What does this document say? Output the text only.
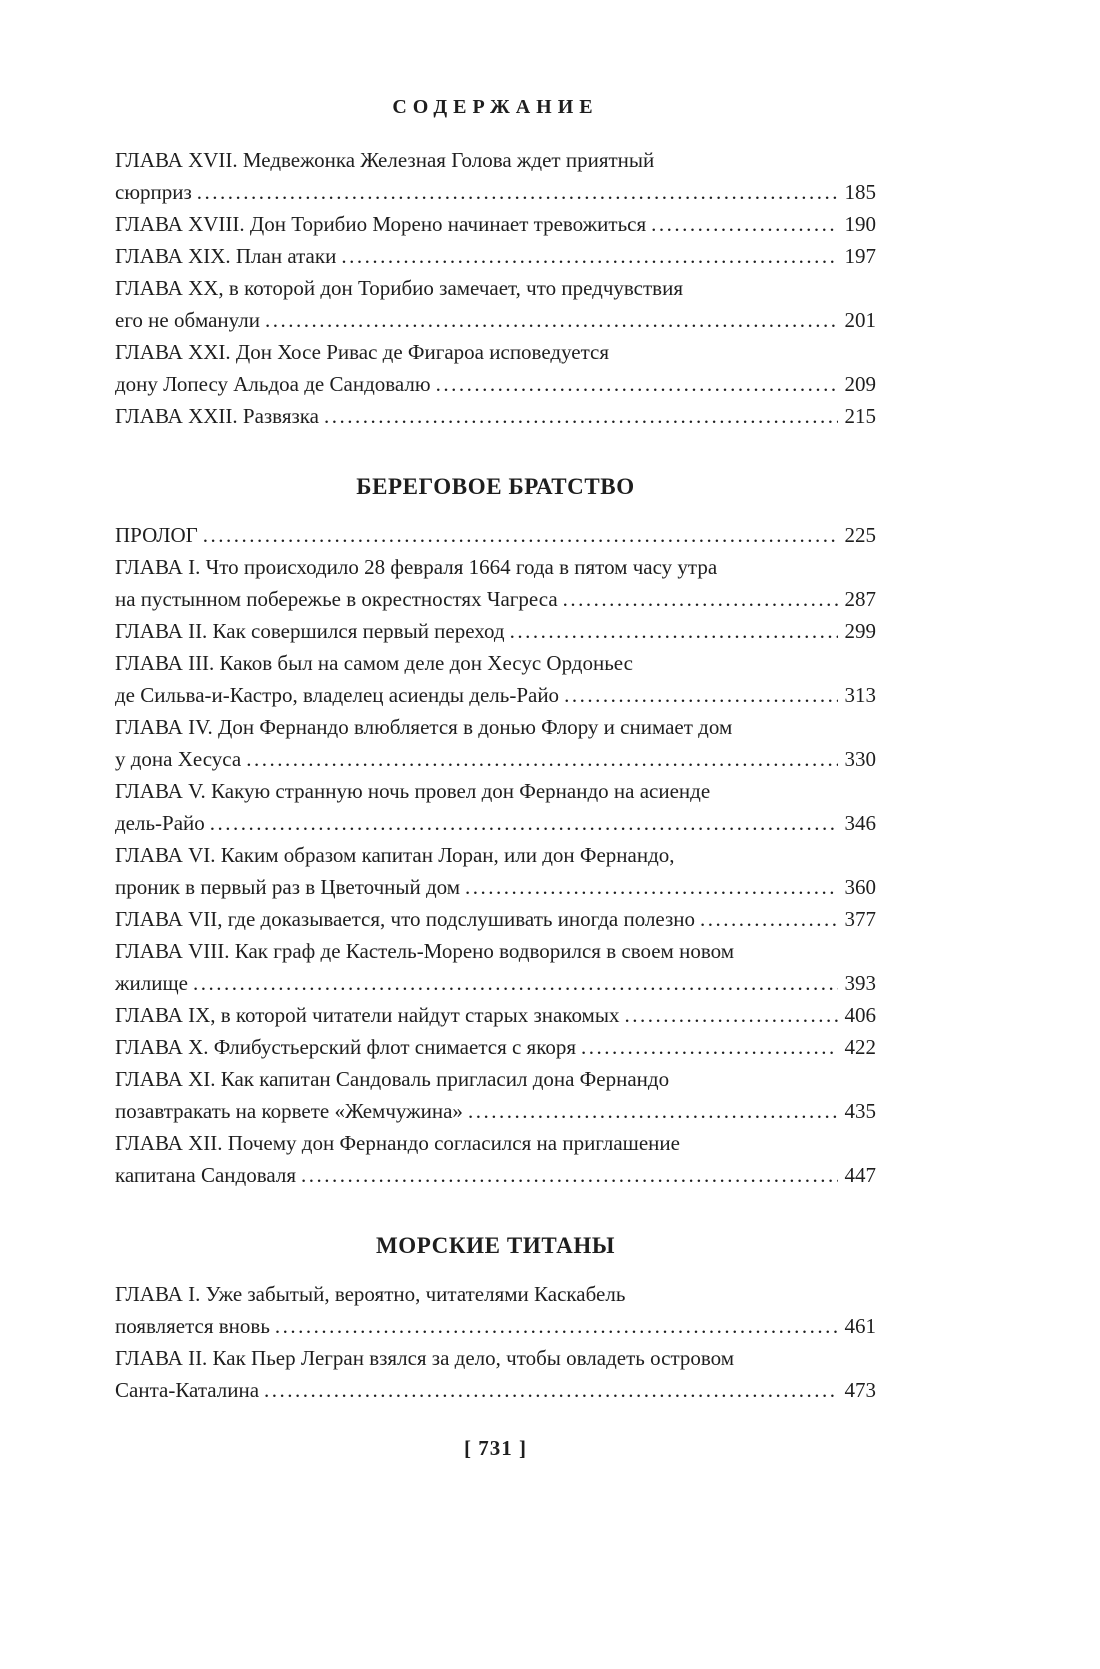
СОДЕРЖАНИЕ
ГЛАВА XVII. Медвежонка Железная Голова ждет приятный
сюрприз .....	185
ГЛАВА XVIII. Дон Торибио Морено начинает тревожиться .....	190
ГЛАВА XIX. План атаки .....	197
ГЛАВА XX, в которой дон Торибио замечает, что предчувствия
его не обманули .....	201
ГЛАВА XXI. Дон Хосе Ривас де Фигароа исповедуется
дону Лопесу Альдоа де Сандовалю .....	209
ГЛАВА XXII. Развязка .....	215
БЕРЕГОВОЕ БРАТСТВО
ПРОЛОГ .....	225
ГЛАВА I. Что происходило 28 февраля 1664 года в пятом часу утра
на пустынном побережье в окрестностях Чагреса .....	287
ГЛАВА II. Как совершился первый переход .....	299
ГЛАВА III. Каков был на самом деле дон Хесус Ордоньес
де Сильва-и-Кастро, владелец асиенды дель-Райо .....	313
ГЛАВА IV. Дон Фернандо влюбляется в донью Флору и снимает дом
у дона Хесуса .....	330
ГЛАВА V. Какую странную ночь провел дон Фернандо на асиенде
дель-Райо .....	346
ГЛАВА VI. Каким образом капитан Лоран, или дон Фернандо,
проник в первый раз в Цветочный дом .....	360
ГЛАВА VII, где доказывается, что подслушивать иногда полезно .....	377
ГЛАВА VIII. Как граф де Кастель-Морено водворился в своем новом
жилище .....	393
ГЛАВА IX, в которой читатели найдут старых знакомых .....	406
ГЛАВА X. Флибустьерский флот снимается с якоря .....	422
ГЛАВА XI. Как капитан Сандоваль пригласил дона Фернандо
позавтракать на корвете «Жемчужина» .....	435
ГЛАВА XII. Почему дон Фернандо согласился на приглашение
капитана Сандоваля .....	447
МОРСКИЕ ТИТАНЫ
ГЛАВА I. Уже забытый, вероятно, читателями Каскабель
появляется вновь .....	461
ГЛАВА II. Как Пьер Легран взялся за дело, чтобы овладеть островом
Санта-Каталина .....	473
[ 731 ]
